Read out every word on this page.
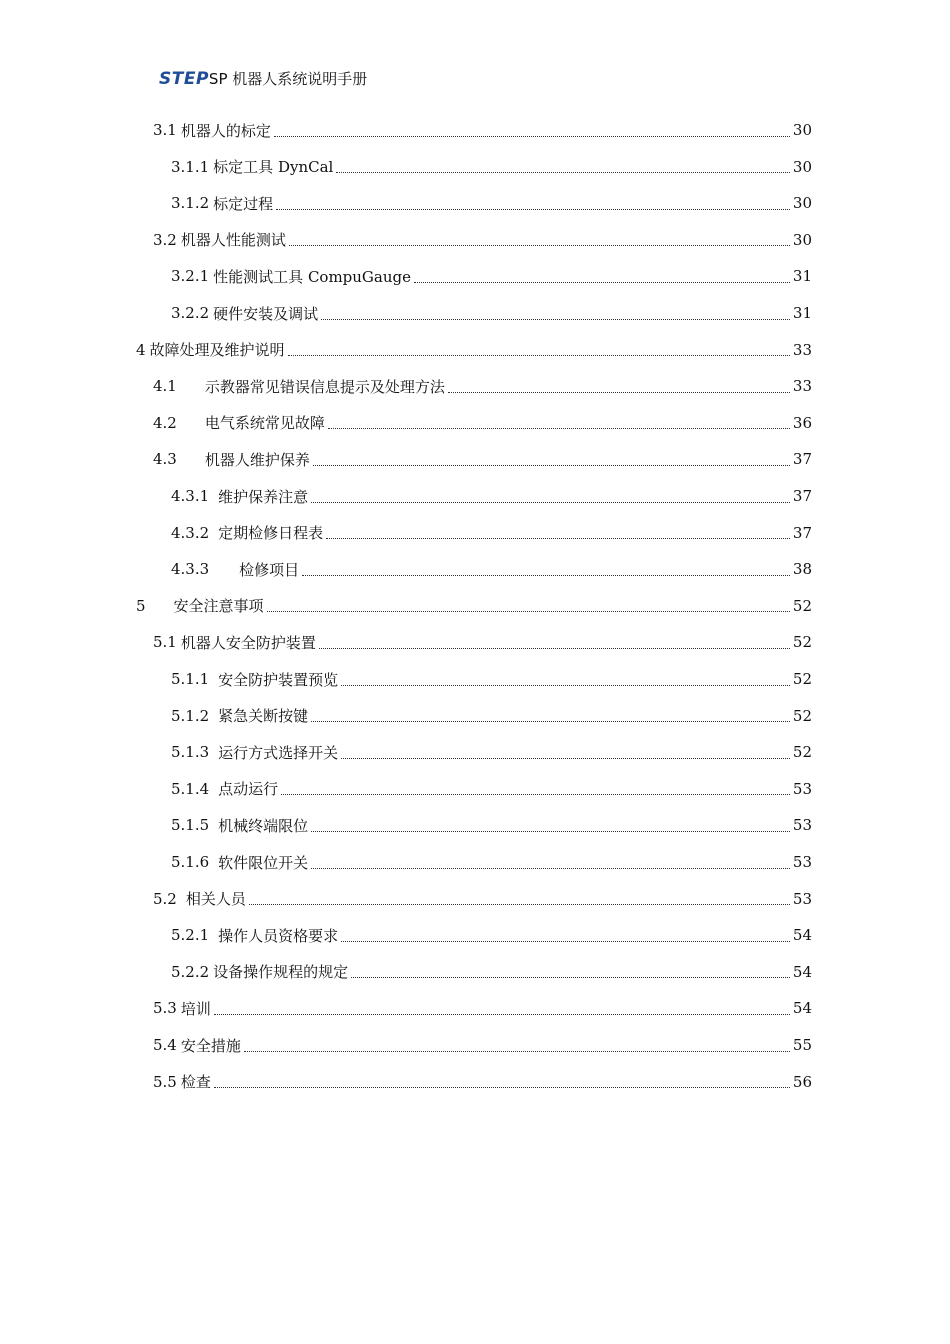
STEP SP 机器人系统说明手册
3.1 机器人的标定	30
3.1.1 标定工具 DynCal	30
3.1.2 标定过程	30
3.2 机器人性能测试	30
3.2.1 性能测试工具 CompuGauge	31
3.2.2 硬件安装及调试	31
4 故障处理及维护说明	33
4.1 示教器常见错误信息提示及处理方法	33
4.2 电气系统常见故障	36
4.3 机器人维护保养	37
4.3.1 维护保养注意	37
4.3.2 定期检修日程表	37
4.3.3 检修项目	38
5 安全注意事项	52
5.1 机器人安全防护装置	52
5.1.1 安全防护装置预览	52
5.1.2 紧急关断按键	52
5.1.3 运行方式选择开关	52
5.1.4 点动运行	53
5.1.5 机械终端限位	53
5.1.6 软件限位开关	53
5.2 相关人员	53
5.2.1 操作人员资格要求	54
5.2.2 设备操作规程的规定	54
5.3 培训	54
5.4 安全措施	55
5.5 检查	56
